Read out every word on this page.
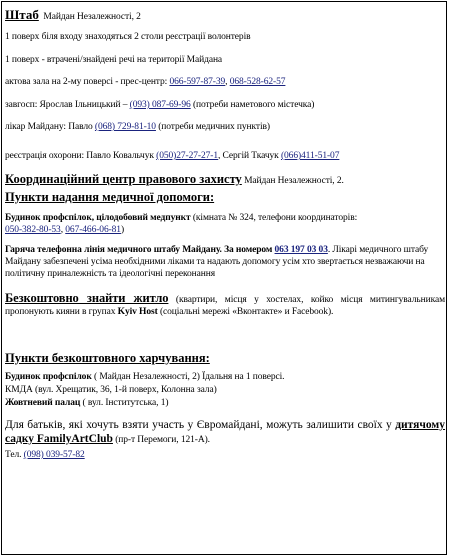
Штаб Майдан Незалежності, 2
1 поверх біля входу знаходяться 2 столи реєстрації волонтерів
1 поверх - втрачені/знайдені речі на території Майдана
актова зала на 2-му поверсі - прес-центр: 066-597-87-39, 068-528-62-57
завгосп: Ярослав Ільницький – (093) 087-69-96 (потреби наметового містечка)
лікар Майдану: Павло (068) 729-81-10 (потреби медичних пунктів)
реєстрація охорони: Павло Ковальчук (050)27-27-27-1, Сергій Ткачук (066)411-51-07
Координаційний центр правового захисту Майдан Незалежності, 2.
Пункти надання медичної допомоги:
Будинок профспілок, цілодобовий медпункт (кімната № 324, телефони координаторів:
050-382-80-53, 067-466-06-81)
Гаряча телефонна лінія медичного штабу Майдану. За номером 063 197 03 03. Лікарі медичного штабу Майдану забезпечені усіма необхідними ліками та надають допомогу усім хто звертається незважаючи на політичну приналежність та ідеологічні переконання
Безкоштовно знайти житло (квартири, місця у хостелах, койко місця митингувальникам пропонують кияни в групах Kyiv Host (соціальні мережі «Вконтакте» и Facebook).
Пункти безкоштовного харчування:
Будинок профспілок ( Майдан Незалежності, 2) Їдальня на 1 поверсі.
КМДА (вул. Хрещатик, 36, 1-й поверх, Колонна зала)
Жовтневий палац ( вул. Інститутська, 1)
Для батьків, які хочуть взяти участь у Євромайдані, можуть залишити своїх у дитячому садку FamilyArtClub (пр-т Перемоги, 121-А).
Тел. (098) 039-57-82
